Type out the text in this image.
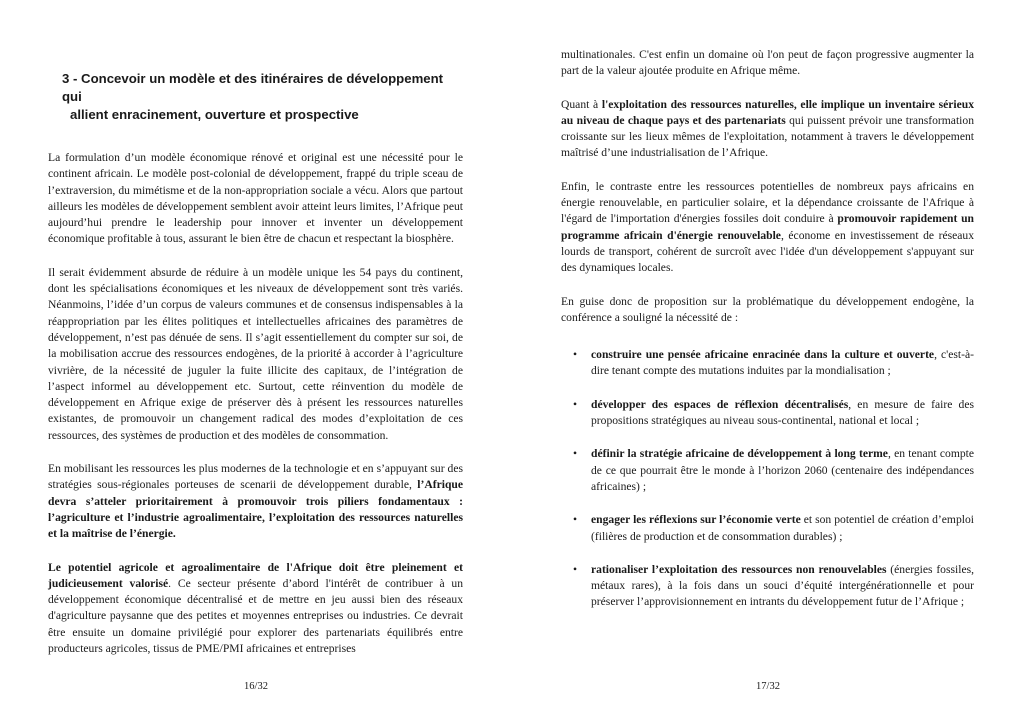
3 - Concevoir un modèle et des itinéraires de développement qui
allient enracinement, ouverture et prospective

La formulation d’un modèle économique rénové et original est une nécessité pour le continent africain. Le modèle post-colonial de développement, frappé du triple sceau de l’extraversion, du mimétisme et de la non-appropriation sociale a vécu. Alors que partout ailleurs les modèles de développement semblent avoir atteint leurs limites, l’Afrique peut aujourd’hui prendre le leadership pour innover et inventer un développement économique profitable à tous, assurant le bien être de chacun et respectant la biosphère.

Il serait évidemment absurde de réduire à un modèle unique les 54 pays du continent, dont les spécialisations économiques et les niveaux de développement sont très variés. Néanmoins, l’idée d’un corpus de valeurs communes et de consensus indispensables à la réappropriation par les élites politiques et intellectuelles africaines des paramètres de développement, n’est pas dénuée de sens. Il s’agit essentiellement du compter sur soi, de la mobilisation accrue des ressources endogènes, de la priorité à accorder à l’agriculture vivrière, de la nécessité de juguler la fuite illicite des capitaux, de l’intégration de l’aspect informel au développement etc. Surtout, cette réinvention du modèle de développement en Afrique exige de préserver dès à présent les ressources naturelles existantes, de promouvoir un changement radical des modes d’exploitation de ces ressources, des systèmes de production et des modèles de consommation.

En mobilisant les ressources les plus modernes de la technologie et en s’appuyant sur des stratégies sous-régionales porteuses de scenarii de développement durable, l’Afrique devra s’atteler prioritairement à promouvoir trois piliers fondamentaux : l’agriculture et l’industrie agroalimentaire, l’exploitation des ressources naturelles et la maîtrise de l’énergie.

Le potentiel agricole et agroalimentaire de l'Afrique doit être pleinement et judicieusement valorisé. Ce secteur présente d’abord l'intérêt de contribuer à un développement économique décentralisé et de mettre en jeu aussi bien des réseaux d'agriculture paysanne que des petites et moyennes entreprises ou industries. Ce devrait être ensuite un domaine privilégié pour explorer des partenariats équilibrés entre producteurs agricoles, tissus de PME/PMI africaines et entreprises

16/32

multinationales. C'est enfin un domaine où l'on peut de façon progressive augmenter la part de la valeur ajoutée produite en Afrique même.

Quant à l'exploitation des ressources naturelles, elle implique un inventaire sérieux au niveau de chaque pays et des partenariats qui puissent prévoir une transformation croissante sur les lieux mêmes de l'exploitation, notamment à travers le développement maîtrisé d’une industrialisation de l’Afrique.

Enfin, le contraste entre les ressources potentielles de nombreux pays africains en énergie renouvelable, en particulier solaire, et la dépendance croissante de l'Afrique à l'égard de l'importation d'énergies fossiles doit conduire à promouvoir rapidement un programme africain d'énergie renouvelable, économe en investissement de réseaux lourds de transport, cohérent de surcroît avec l'idée d'un développement s'appuyant sur des dynamiques locales.

En guise donc de proposition sur la problématique du développement endogène, la conférence a souligné la nécessité de :

• construire une pensée africaine enracinée dans la culture et ouverte, c'est-à-dire tenant compte des mutations induites par la mondialisation ;
• développer des espaces de réflexion décentralisés, en mesure de faire des propositions stratégiques au niveau sous-continental, national et local ;
• définir la stratégie africaine de développement à long terme, en tenant compte de ce que pourrait être le monde à l’horizon 2060 (centenaire des indépendances africaines) ;
• engager les réflexions sur l’économie verte et son potentiel de création d’emploi (filières de production et de consommation durables) ;
• rationaliser l’exploitation des ressources non renouvelables (énergies fossiles, métaux rares), à la fois dans un souci d’équité intergénérationnelle et pour préserver l’approvisionnement en intrants du développement futur de l’Afrique ;
17/32
